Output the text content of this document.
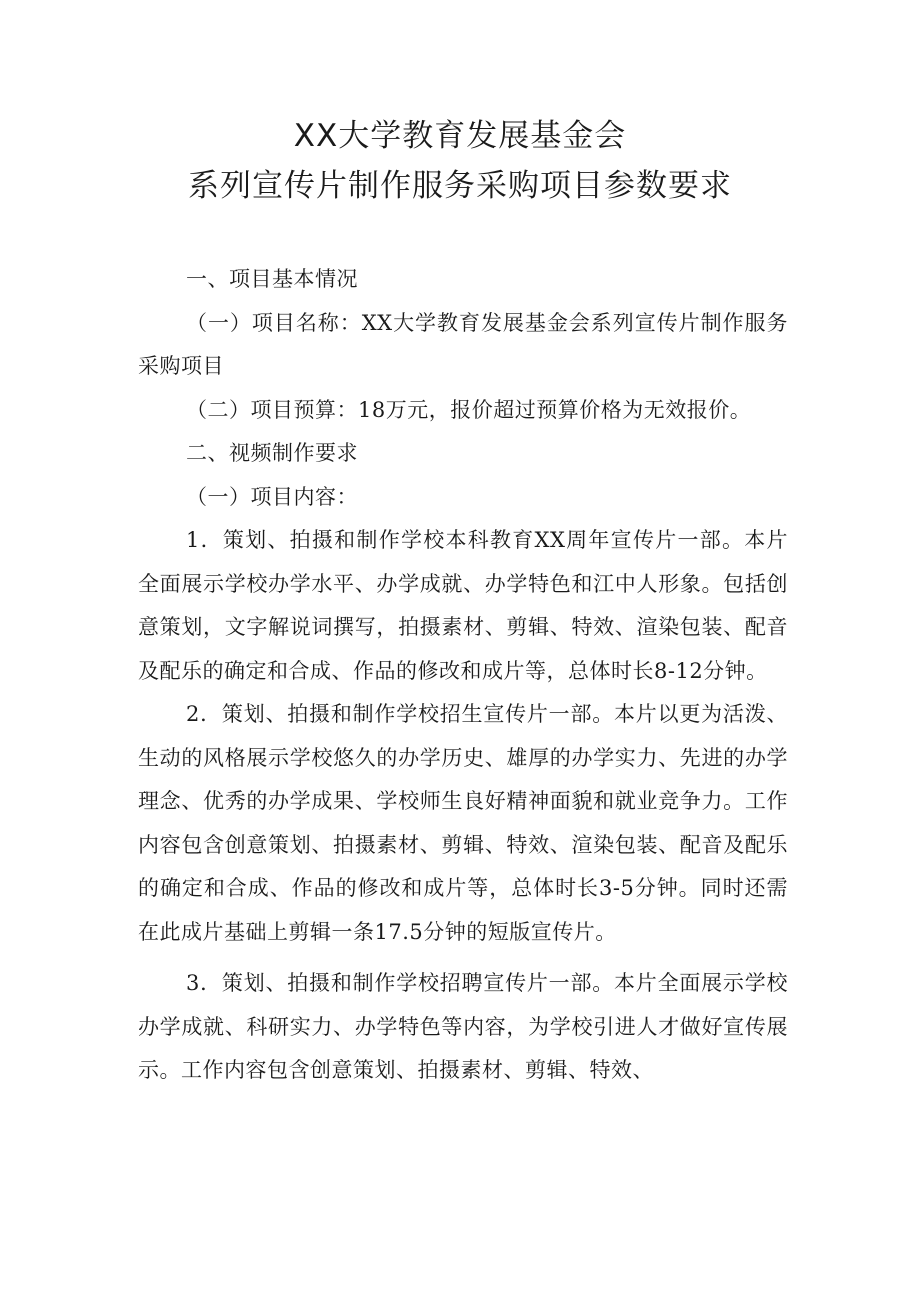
XX大学教育发展基金会
系列宣传片制作服务采购项目参数要求

一、项目基本情况

（一）项目名称：XX大学教育发展基金会系列宣传片制作服务采购项目

（二）项目预算：18万元，报价超过预算价格为无效报价。

二、视频制作要求

（一）项目内容：

1．策划、拍摄和制作学校本科教育XX周年宣传片一部。本片全面展示学校办学水平、办学成就、办学特色和江中人形象。包括创意策划，文字解说词撰写，拍摄素材、剪辑、特效、渲染包装、配音及配乐的确定和合成、作品的修改和成片等，总体时长8-12分钟。

2．策划、拍摄和制作学校招生宣传片一部。本片以更为活泼、生动的风格展示学校悠久的办学历史、雄厚的办学实力、先进的办学理念、优秀的办学成果、学校师生良好精神面貌和就业竞争力。工作内容包含创意策划、拍摄素材、剪辑、特效、渲染包装、配音及配乐的确定和合成、作品的修改和成片等，总体时长3-5分钟。同时还需在此成片基础上剪辑一条17.5分钟的短版宣传片。

3．策划、拍摄和制作学校招聘宣传片一部。本片全面展示学校办学成就、科研实力、办学特色等内容，为学校引进人才做好宣传展示。工作内容包含创意策划、拍摄素材、剪辑、特效、
